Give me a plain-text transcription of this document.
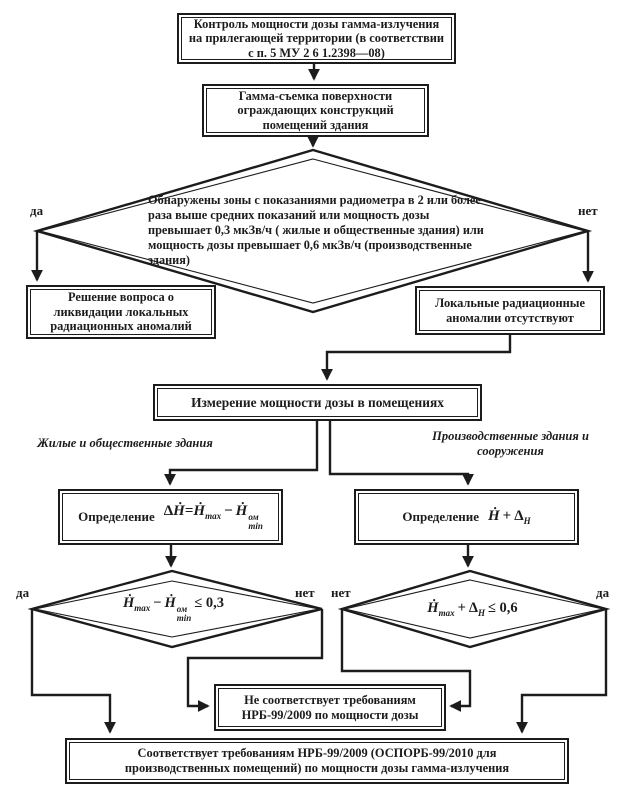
Контроль мощности дозы гамма-излучения на прилегающей территории (в соответствии с п. 5 МУ 2 6 1.2398—08)
Гамма-съемка поверхности ограждающих конструкций помещений здания
Решение вопроса о ликвидации локальных радиационных аномалий
Локальные радиационные аномалии отсутствуют
Измерение мощности дозы в помещениях
Обнаружены зоны с показаниями радиометра в 2 или более раза выше средних показаний или мощность дозы превышает 0,3 мкЗв/ч ( жилые и общественные здания) или мощность дозы превышает 0,6 мкЗв/ч (производственные здания)
да	нет
Жилые и общественные здания	Производственные здания и сооружения
Определение ΔḢ=Ḣ$_{max}$ − Ḣ ом
min
Определение Ḣ + $\Delta_H$
Ḣ$_{max}$ − Ḣ ом
min
≤ 0,3	Ḣ$_{max}$ + $\Delta_H \le 0,6$
да	нет нет	да
Не соответствует требованиям НРБ-99/2009 по мощности дозы
Соответствует требованиям НРБ-99/2009 (ОСПОРБ-99/2010 для производственных помещений) по мощности дозы гамма-излучения
